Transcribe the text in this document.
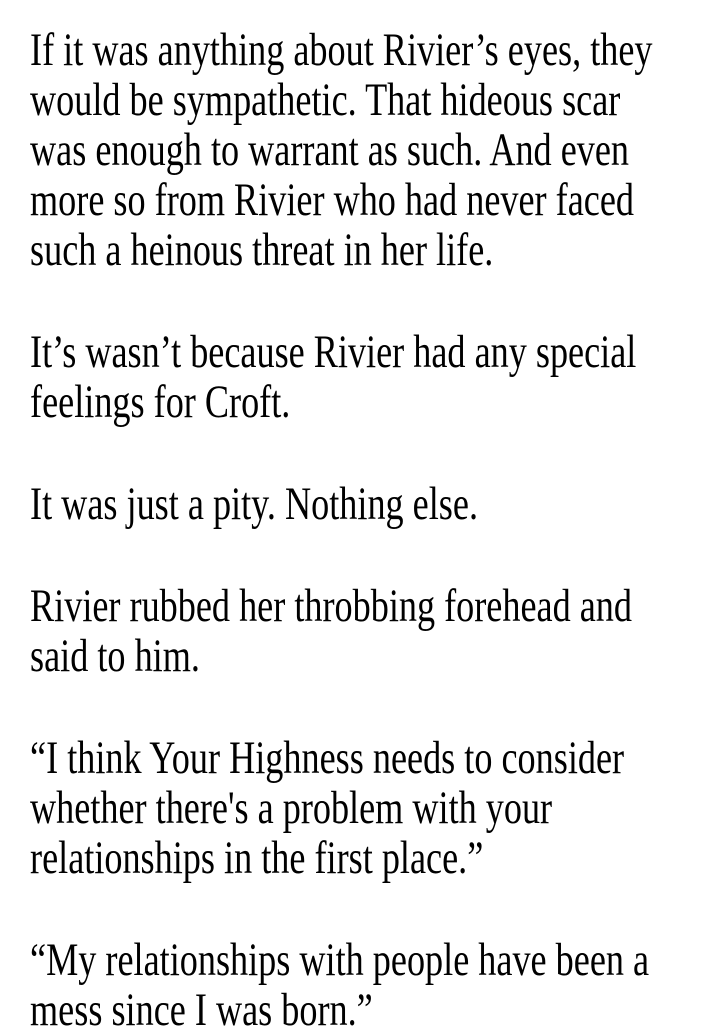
If it was anything about Rivier’s eyes, they
would be sympathetic. That hideous scar
was enough to warrant as such. And even
more so from Rivier who had never faced
such a heinous threat in her life.
It’s wasn’t because Rivier had any special
feelings for Croft.
It was just a pity. Nothing else.
Rivier rubbed her throbbing forehead and
said to him.
“I think Your Highness needs to consider
whether there's a problem with your
relationships in the first place.”
“My relationships with people have been a
mess since I was born.”
